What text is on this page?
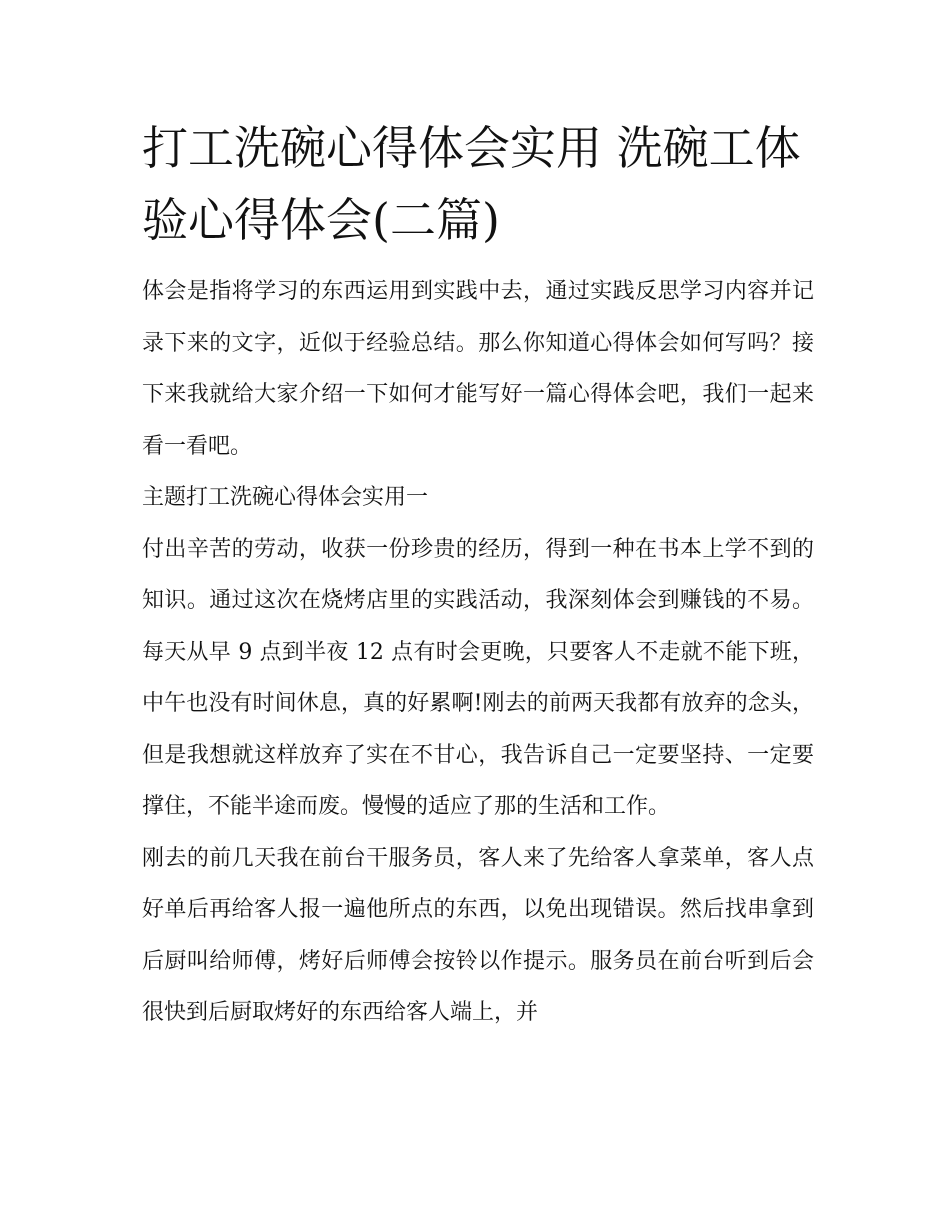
打工洗碗心得体会实用 洗碗工体验心得体会(二篇)

体会是指将学习的东西运用到实践中去，通过实践反思学习内容并记录下来的文字，近似于经验总结。那么你知道心得体会如何写吗？接下来我就给大家介绍一下如何才能写好一篇心得体会吧，我们一起来看一看吧。

主题打工洗碗心得体会实用一

付出辛苦的劳动，收获一份珍贵的经历，得到一种在书本上学不到的知识。通过这次在烧烤店里的实践活动，我深刻体会到赚钱的不易。每天从早 9 点到半夜 12 点有时会更晚，只要客人不走就不能下班，中午也没有时间休息，真的好累啊!刚去的前两天我都有放弃的念头，但是我想就这样放弃了实在不甘心，我告诉自己一定要坚持、一定要撑住，不能半途而废。慢慢的适应了那的生活和工作。

刚去的前几天我在前台干服务员，客人来了先给客人拿菜单，客人点好单后再给客人报一遍他所点的东西，以免出现错误。然后找串拿到后厨叫给师傅，烤好后师傅会按铃以作提示。服务员在前台听到后会很快到后厨取烤好的东西给客人端上，并
